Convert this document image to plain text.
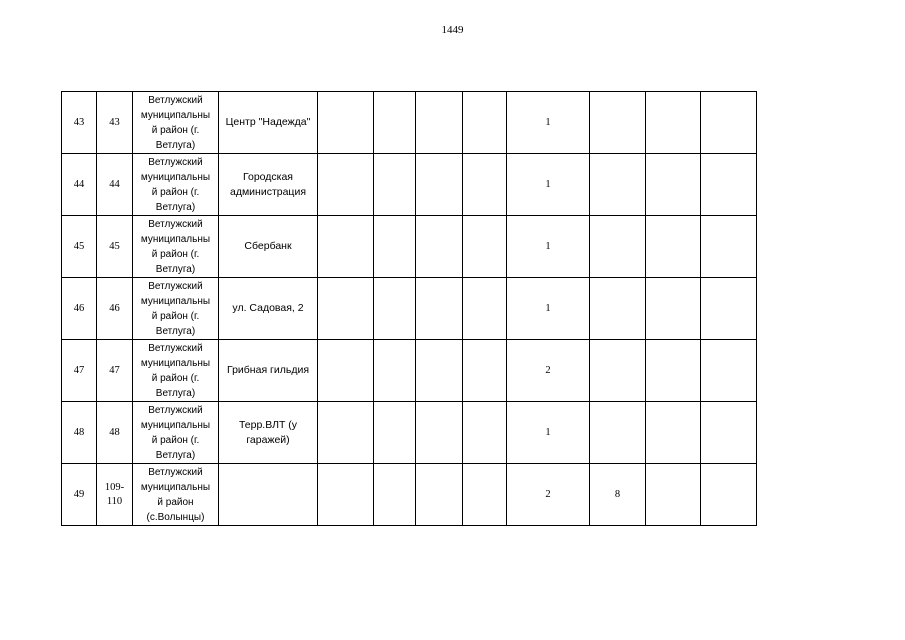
1449
43	43	Ветлужский
муниципальны
й район (г.
Ветлуга)	Центр "Надежда"					1			
44	44	Ветлужский
муниципальны
й район (г.
Ветлуга)	Городская
администрация					1			
45	45	Ветлужский
муниципальны
й район (г.
Ветлуга)	Сбербанк					1			
46	46	Ветлужский
муниципальны
й район (г.
Ветлуга)	ул. Садовая, 2					1			
47	47	Ветлужский
муниципальны
й район (г.
Ветлуга)	Грибная гильдия					2			
48	48	Ветлужский
муниципальны
й район (г.
Ветлуга)	Терр.ВЛТ (у
гаражей)					1			
49	109-
110	Ветлужский
муниципальны
й район
(с.Волынцы)						2	8		
